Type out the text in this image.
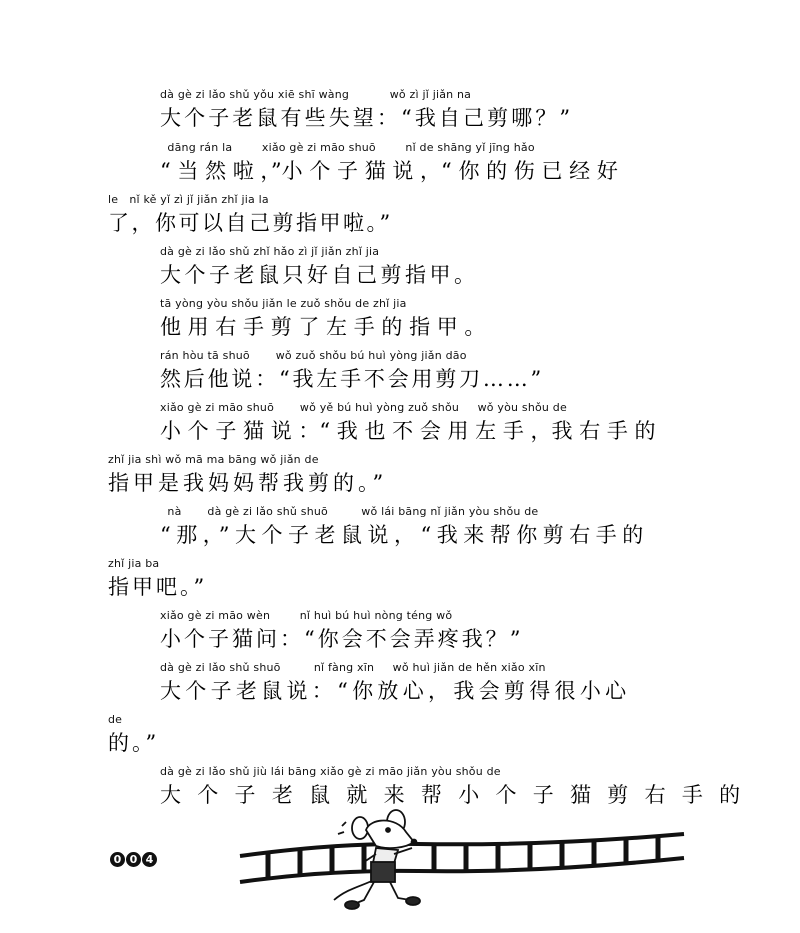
dà gè zi lǎo shǔ yǒu xiē shī wàng           wǒ zì jǐ jiǎn na
大个子老鼠有些失望：“我自己剪哪？”
dāng rán la        xiǎo gè zi māo shuō        nǐ de shāng yǐ jīng hǎo
“ 当 然 啦 ，”小 个 子 猫 说 ，“ 你 的 伤 已 经 好
le   nǐ kě yǐ zì jǐ jiǎn zhǐ jia la
了，你可以自己剪指甲啦。”
dà gè zi lǎo shǔ zhǐ hǎo zì jǐ jiǎn zhǐ jia
大个子老鼠只好自己剪指甲。
tā yòng yòu shǒu jiǎn le zuǒ shǒu de zhǐ jia
他 用 右 手 剪 了 左 手 的 指 甲 。
rán hòu tā shuō       wǒ zuǒ shǒu bú huì yòng jiǎn dāo
然后他说：“我左手不会用剪刀……”
xiǎo gè zi māo shuō       wǒ yě bú huì yòng zuǒ shǒu     wǒ yòu shǒu de
小 个 子 猫 说 ：“ 我 也 不 会 用 左 手 ，我 右 手 的
zhǐ jia shì wǒ mā ma bāng wǒ jiǎn de
指甲是我妈妈帮我剪的。”
nà       dà gè zi lǎo shǔ shuō         wǒ lái bāng nǐ jiǎn yòu shǒu de
“那，”大个子老鼠说，“我来帮你剪右手的
zhǐ jia ba
指甲吧。”
xiǎo gè zi māo wèn        nǐ huì bú huì nòng téng wǒ
小个子猫问：“你会不会弄疼我？”
dà gè zi lǎo shǔ shuō         nǐ fàng xīn     wǒ huì jiǎn de hěn xiǎo xīn
大个子老鼠说：“你放心，我会剪得很小心
de
的。”
dà gè zi lǎo shǔ jiù lái bāng xiǎo gè zi māo jiǎn yòu shǒu de
大 个 子 老 鼠 就 来 帮 小 个 子 猫 剪 右 手 的
0 0 4
